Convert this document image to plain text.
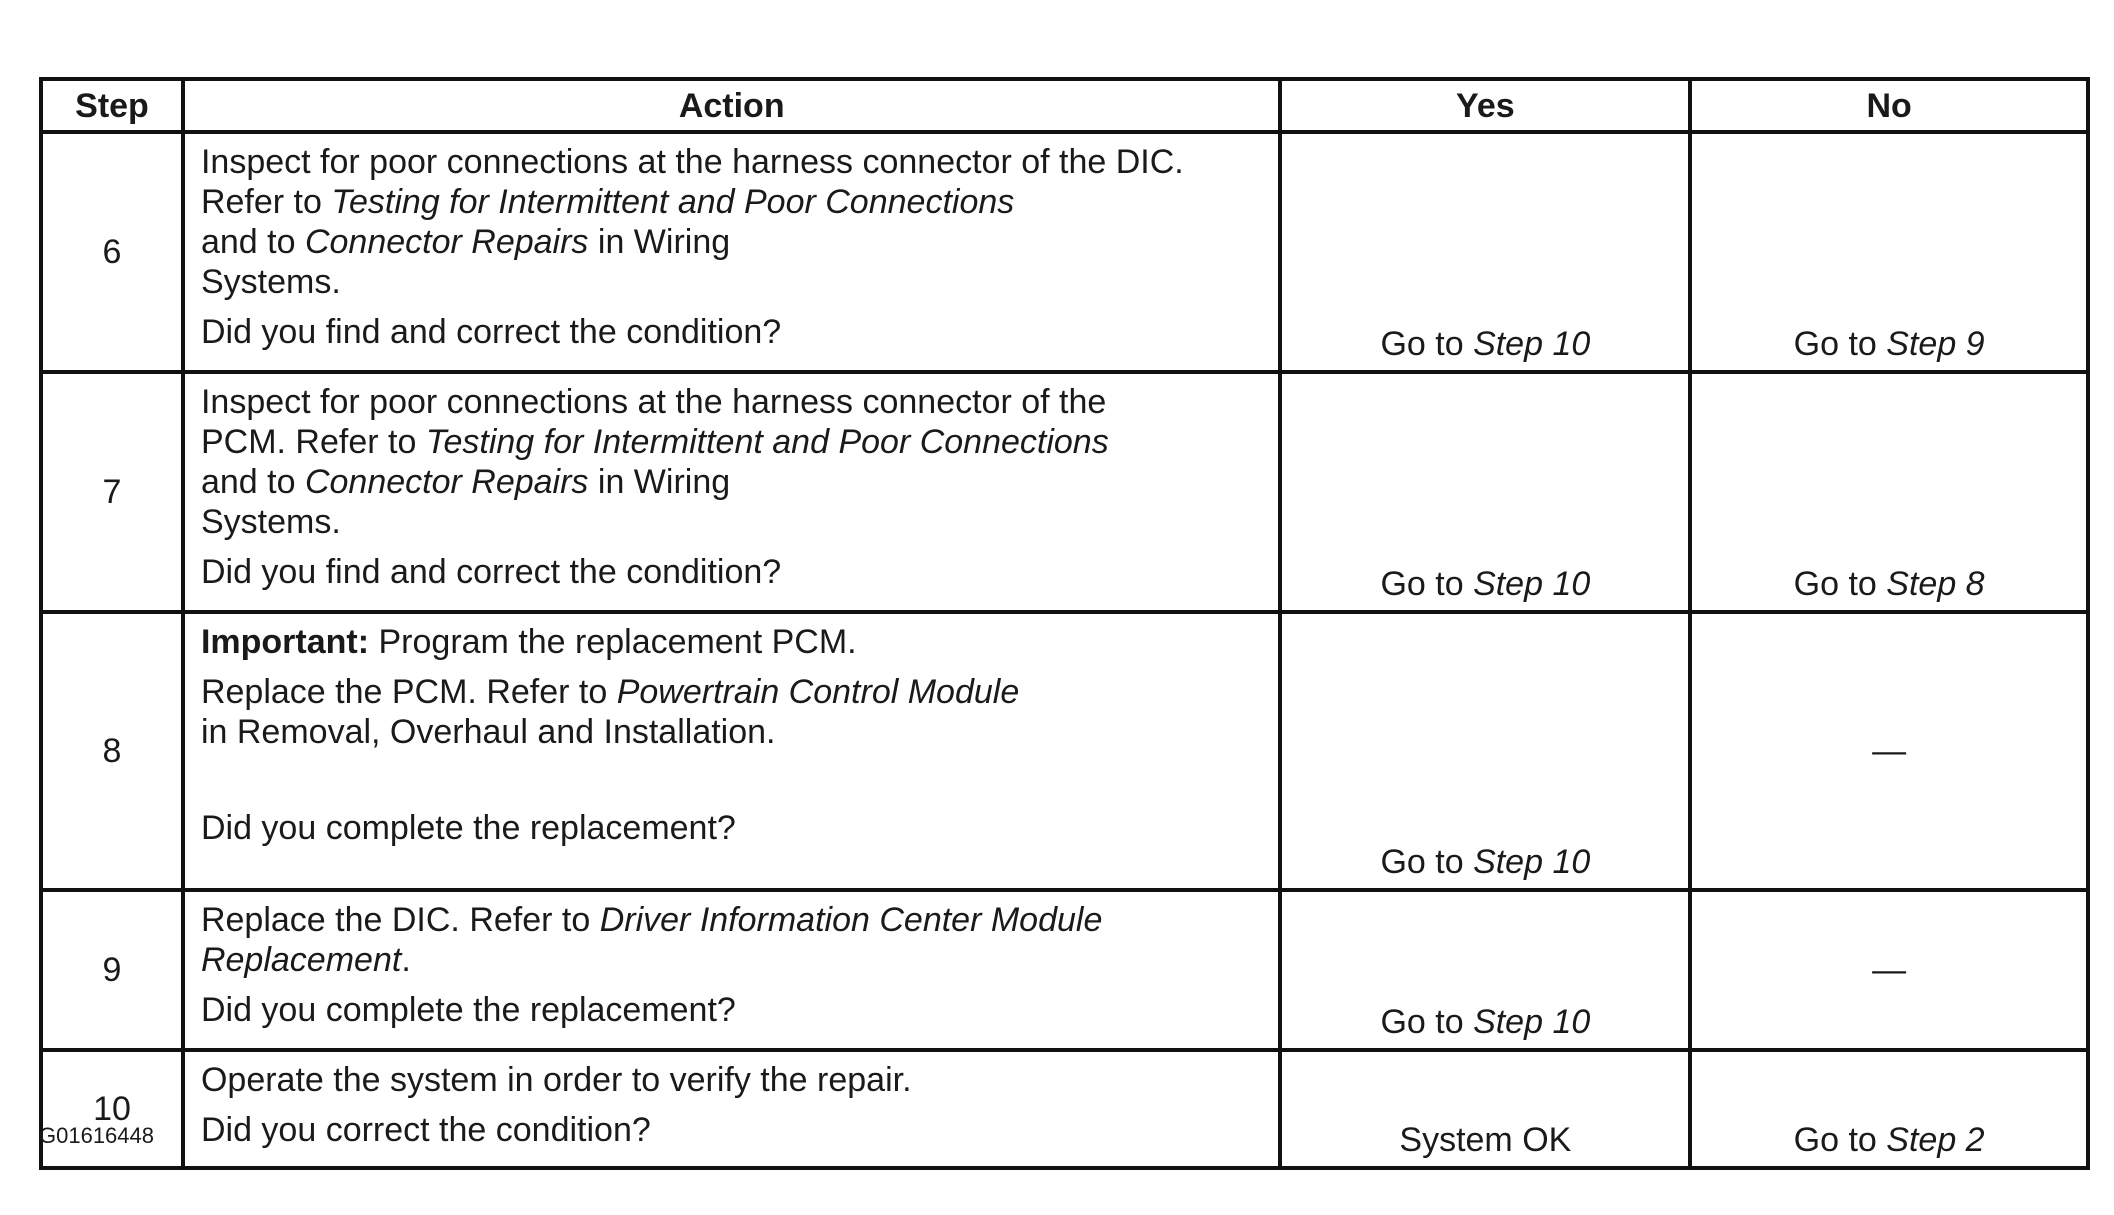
Step	Action	Yes	No
6	Inspect for poor connections at the harness connector of the DIC.
Refer to Testing for Intermittent and Poor Connections
and to Connector Repairs in Wiring
Systems.
Did you find and correct the condition?	Go to Step 10	Go to Step 9
7	Inspect for poor connections at the harness connector of the
PCM. Refer to Testing for Intermittent and Poor Connections
and to Connector Repairs in Wiring
Systems.
Did you find and correct the condition?	Go to Step 10	Go to Step 8
8	Important: Program the replacement PCM.
Replace the PCM. Refer to Powertrain Control Module
in Removal, Overhaul and Installation.
Did you complete the replacement?	Go to Step 10	—
9	Replace the DIC. Refer to Driver Information Center Module
Replacement.
Did you complete the replacement?	Go to Step 10	—
10	Operate the system in order to verify the repair.
Did you correct the condition?	System OK	Go to Step 2
G01616448
